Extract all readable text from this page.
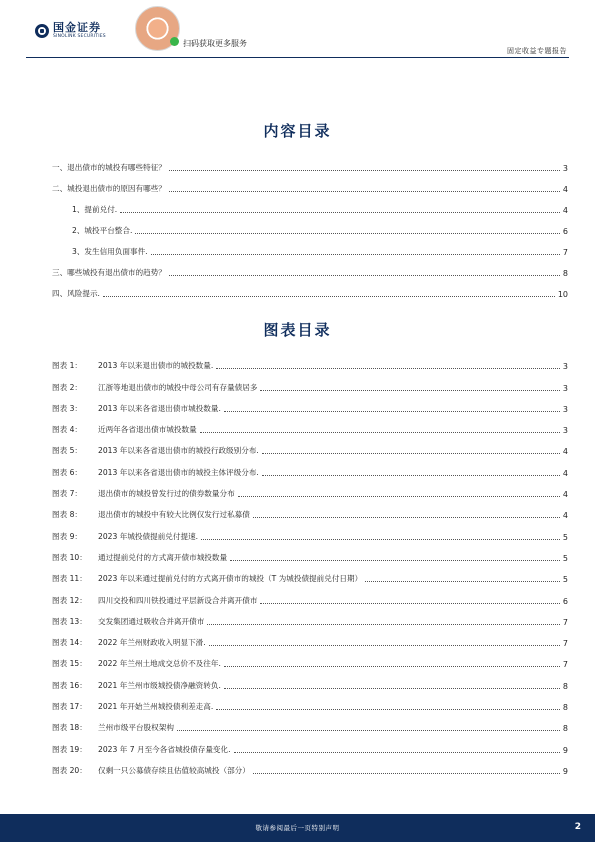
国金证券
SINOLINK SECURITIES
扫码获取更多服务
固定收益专题报告
内容目录
一、退出债市的城投有哪些特征？	3
二、城投退出债市的原因有哪些？	4
1、提前兑付.	4
2、城投平台整合.	6
3、发生信用负面事件.	7
三、哪些城投有退出债市的趋势？	8
四、风险提示.	10
图表目录
图表 1：	2013 年以来退出债市的城投数量.	3
图表 2：	江浙等地退出债市的城投中母公司有存量债居多	3
图表 3：	2013 年以来各省退出债市城投数量.	3
图表 4：	近两年各省退出债市城投数量	3
图表 5：	2013 年以来各省退出债市的城投行政级别分布.	4
图表 6：	2013 年以来各省退出债市的城投主体评级分布.	4
图表 7：	退出债市的城投曾发行过的债券数量分布	4
图表 8：	退出债市的城投中有较大比例仅发行过私募债	4
图表 9：	2023 年城投债提前兑付提速.	5
图表 10：	通过提前兑付的方式离开债市城投数量	5
图表 11：	2023 年以来通过提前兑付的方式离开债市的城投（T 为城投债提前兑付日期）	5
图表 12：	四川交投和四川铁投通过平层新设合并离开债市	6
图表 13：	交发集团通过吸收合并离开债市	7
图表 14：	2022 年兰州财政收入明显下滑.	7
图表 15：	2022 年兰州土地成交总价不及往年.	7
图表 16：	2021 年兰州市级城投债净融资转负.	8
图表 17：	2021 年开始兰州城投债利差走高.	8
图表 18：	兰州市级平台股权架构	8
图表 19：	2023 年 7 月至今各省城投债存量变化.	9
图表 20：	仅剩一只公募债存续且估值较高城投（部分）	9
敬请参阅最后一页特别声明	2
